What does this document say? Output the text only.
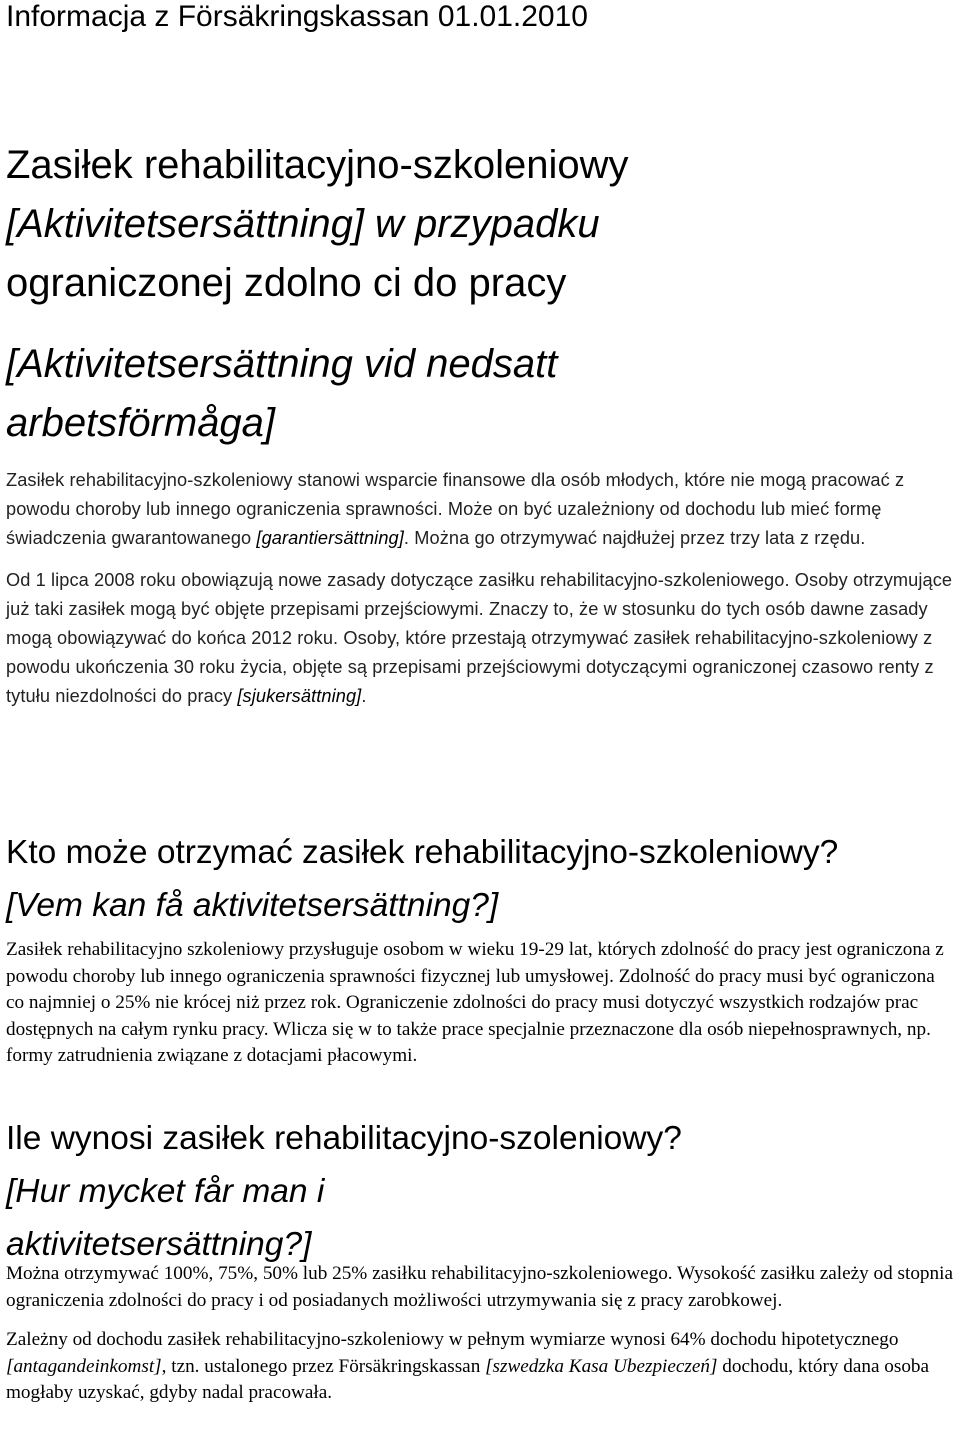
Informacja z Försäkringskassan 01.01.2010
Zasiłek rehabilitacyjno-szkoleniowy
[Aktivitetsersättning] w przypadku
ograniczonej zdolno ci do pracy
[Aktivitetsersättning vid nedsatt
arbetsförmåga]

Zasiłek rehabilitacyjno-szkoleniowy stanowi wsparcie finansowe dla osób młodych, które nie mogą pracować z powodu choroby lub innego ograniczenia sprawności. Może on być uzależniony od dochodu lub mieć formę świadczenia gwarantowanego [garantiersättning]. Można go otrzymywać najdłużej przez trzy lata z rzędu.

Od 1 lipca 2008 roku obowiązują nowe zasady dotyczące zasiłku rehabilitacyjno-szkoleniowego. Osoby otrzymujące już taki zasiłek mogą być objęte przepisami przejściowymi. Znaczy to, że w stosunku do tych osób dawne zasady mogą obowiązywać do końca 2012 roku. Osoby, które przestają otrzymywać zasiłek rehabilitacyjno-szkoleniowy z powodu ukończenia 30 roku życia, objęte są przepisami przejściowymi dotyczącymi ograniczonej czasowo renty z tytułu niezdolności do pracy [sjukersättning].

Kto może otrzymać zasiłek rehabilitacyjno-szkoleniowy?
[Vem kan få aktivitetsersättning?]

Zasiłek rehabilitacyjno szkoleniowy przysługuje osobom w wieku 19-29 lat, których zdolność do pracy jest ograniczona z powodu choroby lub innego ograniczenia sprawności fizycznej lub umysłowej. Zdolność do pracy musi być ograniczona co najmniej o 25% nie krócej niż przez rok. Ograniczenie zdolności do pracy musi dotyczyć wszystkich rodzajów prac dostępnych na całym rynku pracy. Wlicza się w to także prace specjalnie przeznaczone dla osób niepełnosprawnych, np. formy zatrudnienia związane z dotacjami płacowymi.

Ile wynosi zasiłek rehabilitacyjno-szoleniowy?
[Hur mycket får man i
aktivitetsersättning?]

Można otrzymywać 100%, 75%, 50% lub 25% zasiłku rehabilitacyjno-szkoleniowego. Wysokość zasiłku zależy od stopnia ograniczenia zdolności do pracy i od posiadanych możliwości utrzymywania się z pracy zarobkowej.

Zależny od dochodu zasiłek rehabilitacyjno-szkoleniowy w pełnym wymiarze wynosi 64% dochodu hipotetycznego [antagandeinkomst], tzn. ustalonego przez Försäkringskassan [szwedzka Kasa Ubezpieczeń] dochodu, który dana osoba mogłaby uzyskać, gdyby nadal pracowała.
